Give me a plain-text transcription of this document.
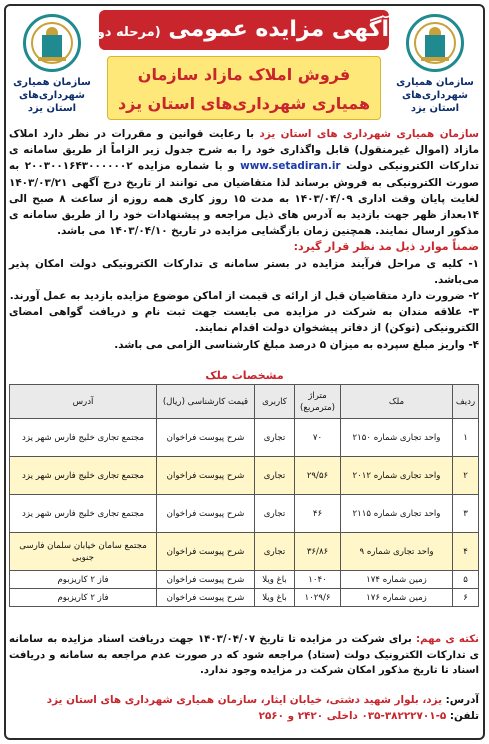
سازمان همیاری
شهرداری‌های
استان یزد
آگهی مزایده عمومی (مرحله دوم)
فروش املاک مازاد سازمان
همیاری شهرداری‌های استان یزد
سازمان همیاری
شهرداری‌های
استان یزد

سازمان همیاری شهرداری های استان یزد با رعایت قوانین و مقررات در نظر دارد املاک مازاد (اموال غیرمنقول) قابل واگذاری خود را به شرح جدول زیر الزاماً از طریق سامانه ی تدارکات الکترونیکی دولت www.setadiran.ir و با شماره مزایده ۲۰۰۳۰۰۱۶۴۳۰۰۰۰۰۰۲ به صورت الکترونیکی به فروش برساند لذا متقاضیان می توانند از تاریخ درج آگهی ۱۴۰۳/۰۳/۲۱ لغایت پایان وقت اداری ۱۴۰۳/۰۴/۰۹ به مدت ۱۵ روز کاری همه روزه از ساعت ۸ صبح الی ۱۴بعداز ظهر جهت بازدید به آدرس های ذیل مراجعه و پیشنهادات خود را از طریق سامانه ی مذکور ارسال نمایند. همچنین زمان بازگشایی مزایده در تاریخ ۱۴۰۳/۰۴/۱۰ می باشد.

ضمناً موارد ذیل مد نظر قرار گیرد:

۱- کلیه ی مراحل فرآیند مزایده در بستر سامانه ی تدارکات الکترونیکی دولت امکان پذیر می‌باشد.

۲- ضرورت دارد متقاضیان قبل از ارائه ی قیمت از اماکن موضوع مزایده بازدید به عمل آورند.

۳- علاقه مندان به شرکت در مزایده می بایست جهت ثبت نام و دریافت گواهی امضای الکترونیکی (توکن) از دفاتر پیشخوان دولت اقدام نمایند.

۴- واریز مبلغ سپرده به میزان ۵ درصد مبلغ کارشناسی الزامی می باشد.

مشخصات ملک
ردیف	ملک	متراژ (مترمربع)	کاربری	قیمت کارشناسی (ریال)	آدرس
۱	واحد تجاری شماره ۲۱۵۰	۷۰	تجاری	شرح پیوست فراخوان	مجتمع تجاری خلیج فارس شهر یزد
۲	واحد تجاری شماره ۲۰۱۲	۲۹/۵۶	تجاری	شرح پیوست فراخوان	مجتمع تجاری خلیج فارس شهر یزد
۳	واحد تجاری شماره ۲۱۱۵	۴۶	تجاری	شرح پیوست فراخوان	مجتمع تجاری خلیج فارس شهر یزد
۴	واحد تجاری شماره ۹	۳۶/۸۶	تجاری	شرح پیوست فراخوان	مجتمع سامان خیابان سلمان فارسی جنوبی
۵	زمین شماره ۱۷۴	۱۰۴۰	باغ ویلا	شرح پیوست فراخوان	فاز ۲ کاریزبوم
۶	زمین شماره ۱۷۶	۱۰۲۹/۶	باغ ویلا	شرح پیوست فراخوان	فاز ۲ کاریزبوم
نکته ی مهم: برای شرکت در مزایده تا تاریخ ۱۴۰۳/۰۴/۰۷ جهت دریافت اسناد مزایده به سامانه ی تدارکات الکترونیک دولت (ستاد) مراجعه شود که در صورت عدم مراجعه به سامانه و دریافت اسناد تا تاریخ مذکور امکان شرکت در مزایده وجود ندارد.
آدرس: یزد، بلوار شهید دشتی، خیابان ایثار، سازمان همیاری شهرداری های استان یزد
تلفن: ۵-۳۸۲۲۲۷۰۱-۰۳۵ داخلی ۲۴۲۰ و ۲۵۶۰
